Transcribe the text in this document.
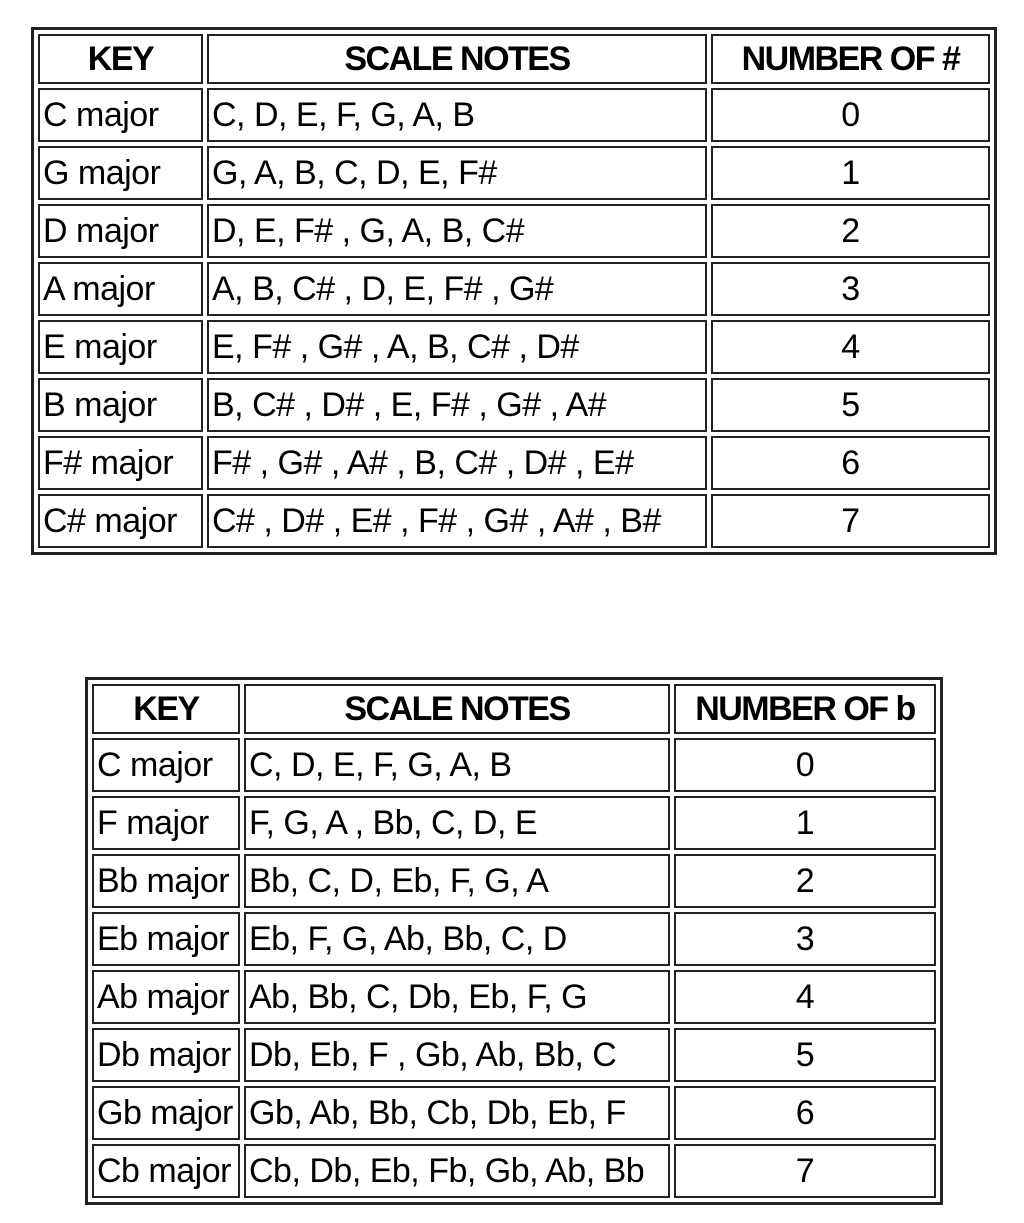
KEY	SCALE NOTES	NUMBER OF #
C major	C, D, E, F, G, A, B	0
G major	G, A, B, C, D, E, F#	1
D major	D, E, F# , G, A, B, C#	2
A major	A, B, C# , D, E, F# , G#	3
E major	E, F# , G# , A, B, C# , D#	4
B major	B, C# , D# , E, F# , G# , A#	5
F# major	F# , G# , A# , B, C# , D# , E#	6
C# major	C# , D# , E# , F# , G# , A# , B#	7
KEY	SCALE NOTES	NUMBER OF b
C major	C, D, E, F, G, A, B	0
F major	F, G, A , Bb, C, D, E	1
Bb major	Bb, C, D, Eb, F, G, A	2
Eb major	Eb, F, G, Ab, Bb, C, D	3
Ab major	Ab, Bb, C, Db, Eb, F, G	4
Db major	Db, Eb, F , Gb, Ab, Bb, C	5
Gb major	Gb, Ab, Bb, Cb, Db, Eb, F	6
Cb major	Cb, Db, Eb, Fb, Gb, Ab, Bb	7
